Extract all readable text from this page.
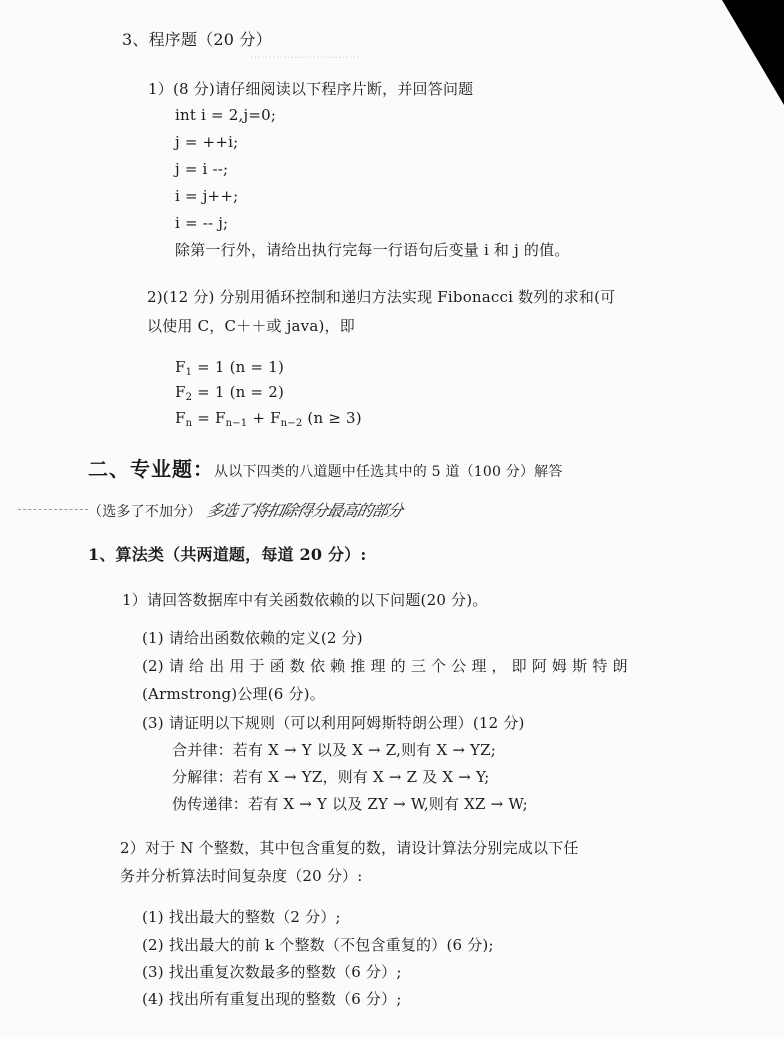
…………………………
3、程序题（20 分）
1）(8 分)请仔细阅读以下程序片断，并回答问题
int i = 2,j=0;
j = ++i;
j = i --;
i = j++;
i = -- j;
除第一行外，请给出执行完每一行语句后变量 i 和 j 的值。
2)(12 分) 分别用循环控制和递归方法实现 Fibonacci 数列的求和(可
以使用 C，C＋＋或 java)，即
$F_1 = 1$ (n = 1)
$F_2 = 1$ (n = 2)
$F_n = F_{n-1} + F_{n-2}$ (n ≥ 3)
二、专业题：从以下四类的八道题中任选其中的 5 道（100 分）解答
（选多了不加分） 多选了将扣除得分最高的部分
1、算法类（共两道题，每道 20 分）:
1）请回答数据库中有关函数依赖的以下问题(20 分)。
(1) 请给出函数依赖的定义(2 分)
(2) 请 给 出 用 于 函 数 依 赖 推 理 的 三 个 公 理 ， 即 阿 姆 斯 特 朗
(Armstrong)公理(6 分)。
(3) 请证明以下规则（可以利用阿姆斯特朗公理）(12 分)
合并律：若有 X → Y 以及 X → Z,则有 X → YZ;
分解律：若有 X → YZ，则有 X → Z 及 X → Y;
伪传递律：若有 X → Y 以及 ZY → W,则有 XZ → W;
2）对于 N 个整数，其中包含重复的数，请设计算法分别完成以下任
务并分析算法时间复杂度（20 分）:
(1) 找出最大的整数（2 分）;
(2) 找出最大的前 k 个整数（不包含重复的）(6 分);
(3) 找出重复次数最多的整数（6 分）;
(4) 找出所有重复出现的整数（6 分）;
